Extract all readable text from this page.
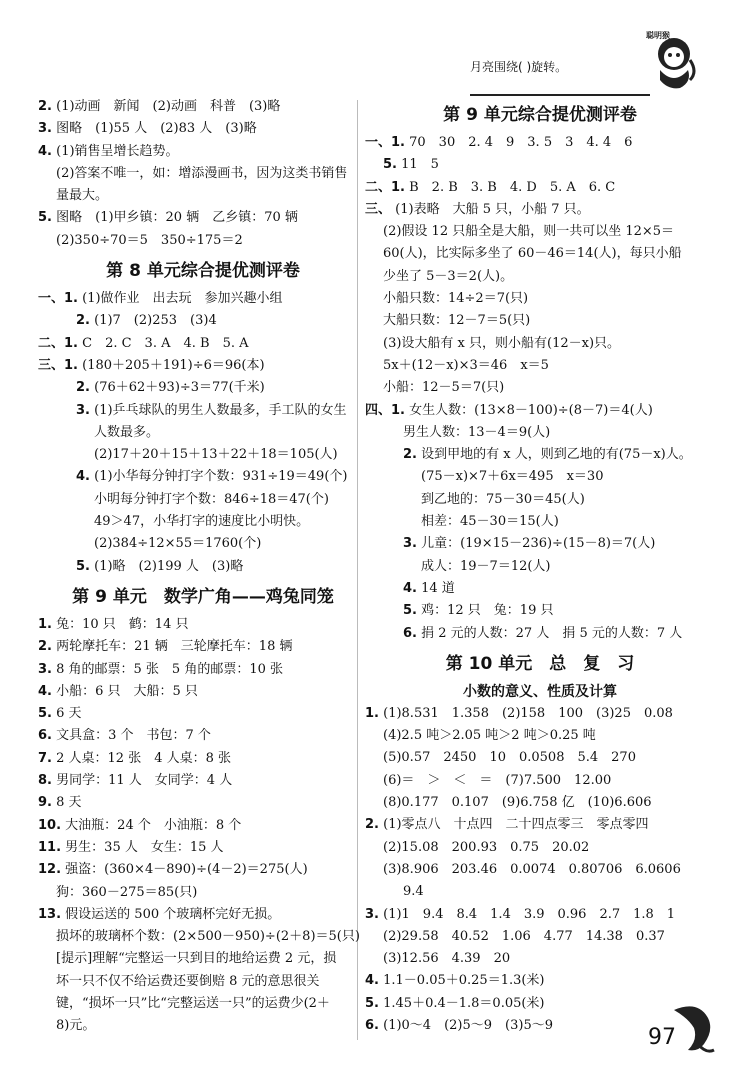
月亮围绕( )旋转。
聪明猴
2. (1)动画　新闻　(2)动画　科普　(3)略
3. 图略　(1)55 人　(2)83 人　(3)略
4. (1)销售呈增长趋势。
(2)答案不唯一，如：增添漫画书，因为这类书销售
量最大。
5. 图略　(1)甲乡镇：20 辆　乙乡镇：70 辆
(2)350÷70＝5　350÷175＝2
第 8 单元综合提优测评卷
一、1. (1)做作业　出去玩　参加兴趣小组
2. (1)7　(2)253　(3)4
二、1. C　2. C　3. A　4. B　5. A
三、1. (180＋205＋191)÷6＝96(本)
2. (76＋62＋93)÷3＝77(千米)
3. (1)乒乓球队的男生人数最多，手工队的女生
人数最多。
(2)17＋20＋15＋13＋22＋18＝105(人)
4. (1)小华每分钟打字个数：931÷19＝49(个)
小明每分钟打字个数：846÷18＝47(个)
49＞47，小华打字的速度比小明快。
(2)384÷12×55＝1760(个)
5. (1)略　(2)199 人　(3)略
第 9 单元　数学广角——鸡兔同笼
1. 兔：10 只　鹤：14 只
2. 两轮摩托车：21 辆　三轮摩托车：18 辆
3. 8 角的邮票：5 张　5 角的邮票：10 张
4. 小船：6 只　大船：5 只
5. 6 天
6. 文具盒：3 个　书包：7 个
7. 2 人桌：12 张　4 人桌：8 张
8. 男同学：11 人　女同学：4 人
9. 8 天
10. 大油瓶：24 个　小油瓶：8 个
11. 男生：35 人　女生：15 人
12. 强盗：(360×4－890)÷(4－2)＝275(人)
狗：360－275＝85(只)
13. 假设运送的 500 个玻璃杯完好无损。
损坏的玻璃杯个数：(2×500－950)÷(2＋8)＝5(只)
[提示]理解“完整运一只到目的地给运费 2 元，损
坏一只不仅不给运费还要倒赔 8 元的意思很关
键，“损坏一只”比“完整运送一只”的运费少(2＋
8)元。
第 9 单元综合提优测评卷
一、1. 70　30　2. 4　9　3. 5　3　4. 4　6
5. 11　5
二、1. B　2. B　3. B　4. D　5. A　6. C
三、 (1)表略　大船 5 只，小船 7 只。
(2)假设 12 只船全是大船，则一共可以坐 12×5＝
60(人)，比实际多坐了 60－46＝14(人)，每只小船
少坐了 5－3＝2(人)。
小船只数：14÷2＝7(只)
大船只数：12－7＝5(只)
(3)设大船有 x 只，则小船有(12－x)只。
5x＋(12－x)×3＝46　x＝5
小船：12－5＝7(只)
四、1. 女生人数：(13×8－100)÷(8－7)＝4(人)
男生人数：13－4＝9(人)
2. 设到甲地的有 x 人，则到乙地的有(75－x)人。
(75－x)×7＋6x＝495　x＝30
到乙地的：75－30＝45(人)
相差：45－30＝15(人)
3. 儿童：(19×15－236)÷(15－8)＝7(人)
成人：19－7＝12(人)
4. 14 道
5. 鸡：12 只　兔：19 只
6. 捐 2 元的人数：27 人　捐 5 元的人数：7 人
第 10 单元　总　复　习
小数的意义、性质及计算
1. (1)8.531　1.358　(2)158　100　(3)25　0.08
(4)2.5 吨＞2.05 吨＞2 吨＞0.25 吨
(5)0.57　2450　10　0.0508　5.4　270
(6)＝　＞　＜　＝　(7)7.500　12.00
(8)0.177　0.107　(9)6.758 亿　(10)6.606
2. (1)零点八　十点四　二十四点零三　零点零四
(2)15.08　200.93　0.75　20.02
(3)8.906　203.46　0.0074　0.80706　6.0606
9.4
3. (1)1　9.4　8.4　1.4　3.9　0.96　2.7　1.8　1
(2)29.58　40.52　1.06　4.77　14.38　0.37
(3)12.56　4.39　20
4. 1.1－0.05＋0.25＝1.3(米)
5. 1.45＋0.4－1.8＝0.05(米)
6. (1)0～4　(2)5～9　(3)5～9	97
